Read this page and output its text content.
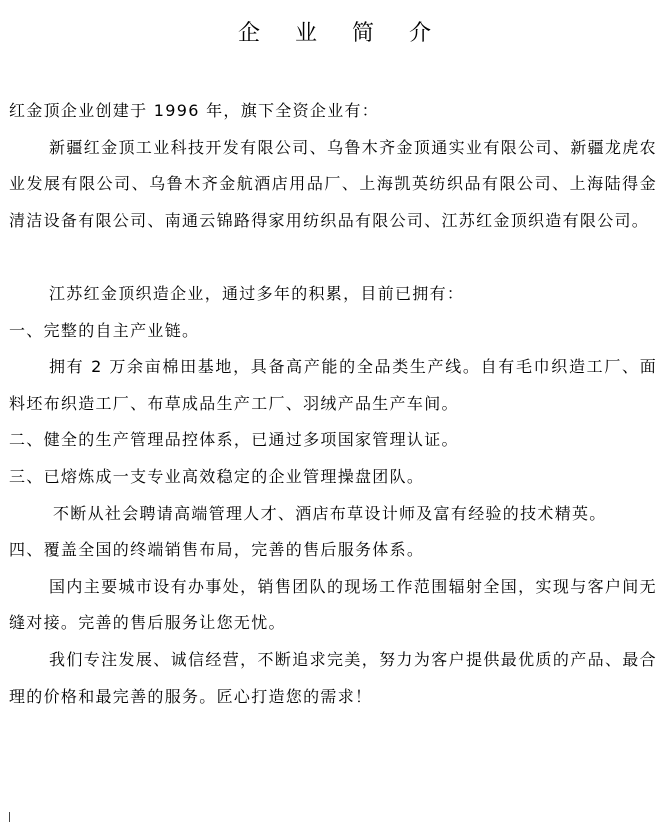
企 业 简 介

红金顶企业创建于 1996 年，旗下全资企业有：

新疆红金顶工业科技开发有限公司、乌鲁木齐金顶通实业有限公司、新疆龙虎农业发展有限公司、乌鲁木齐金航酒店用品厂、上海凯英纺织品有限公司、上海陆得金清洁设备有限公司、南通云锦路得家用纺织品有限公司、江苏红金顶织造有限公司。

江苏红金顶织造企业，通过多年的积累，目前已拥有：

一、完整的自主产业链。

拥有 2 万余亩棉田基地，具备高产能的全品类生产线。自有毛巾织造工厂、面料坯布织造工厂、布草成品生产工厂、羽绒产品生产车间。

二、健全的生产管理品控体系，已通过多项国家管理认证。

三、已熔炼成一支专业高效稳定的企业管理操盘团队。

不断从社会聘请高端管理人才、酒店布草设计师及富有经验的技术精英。

四、覆盖全国的终端销售布局，完善的售后服务体系。

国内主要城市设有办事处，销售团队的现场工作范围辐射全国，实现与客户间无缝对接。完善的售后服务让您无忧。

我们专注发展、诚信经营，不断追求完美，努力为客户提供最优质的产品、最合理的价格和最完善的服务。匠心打造您的需求！
